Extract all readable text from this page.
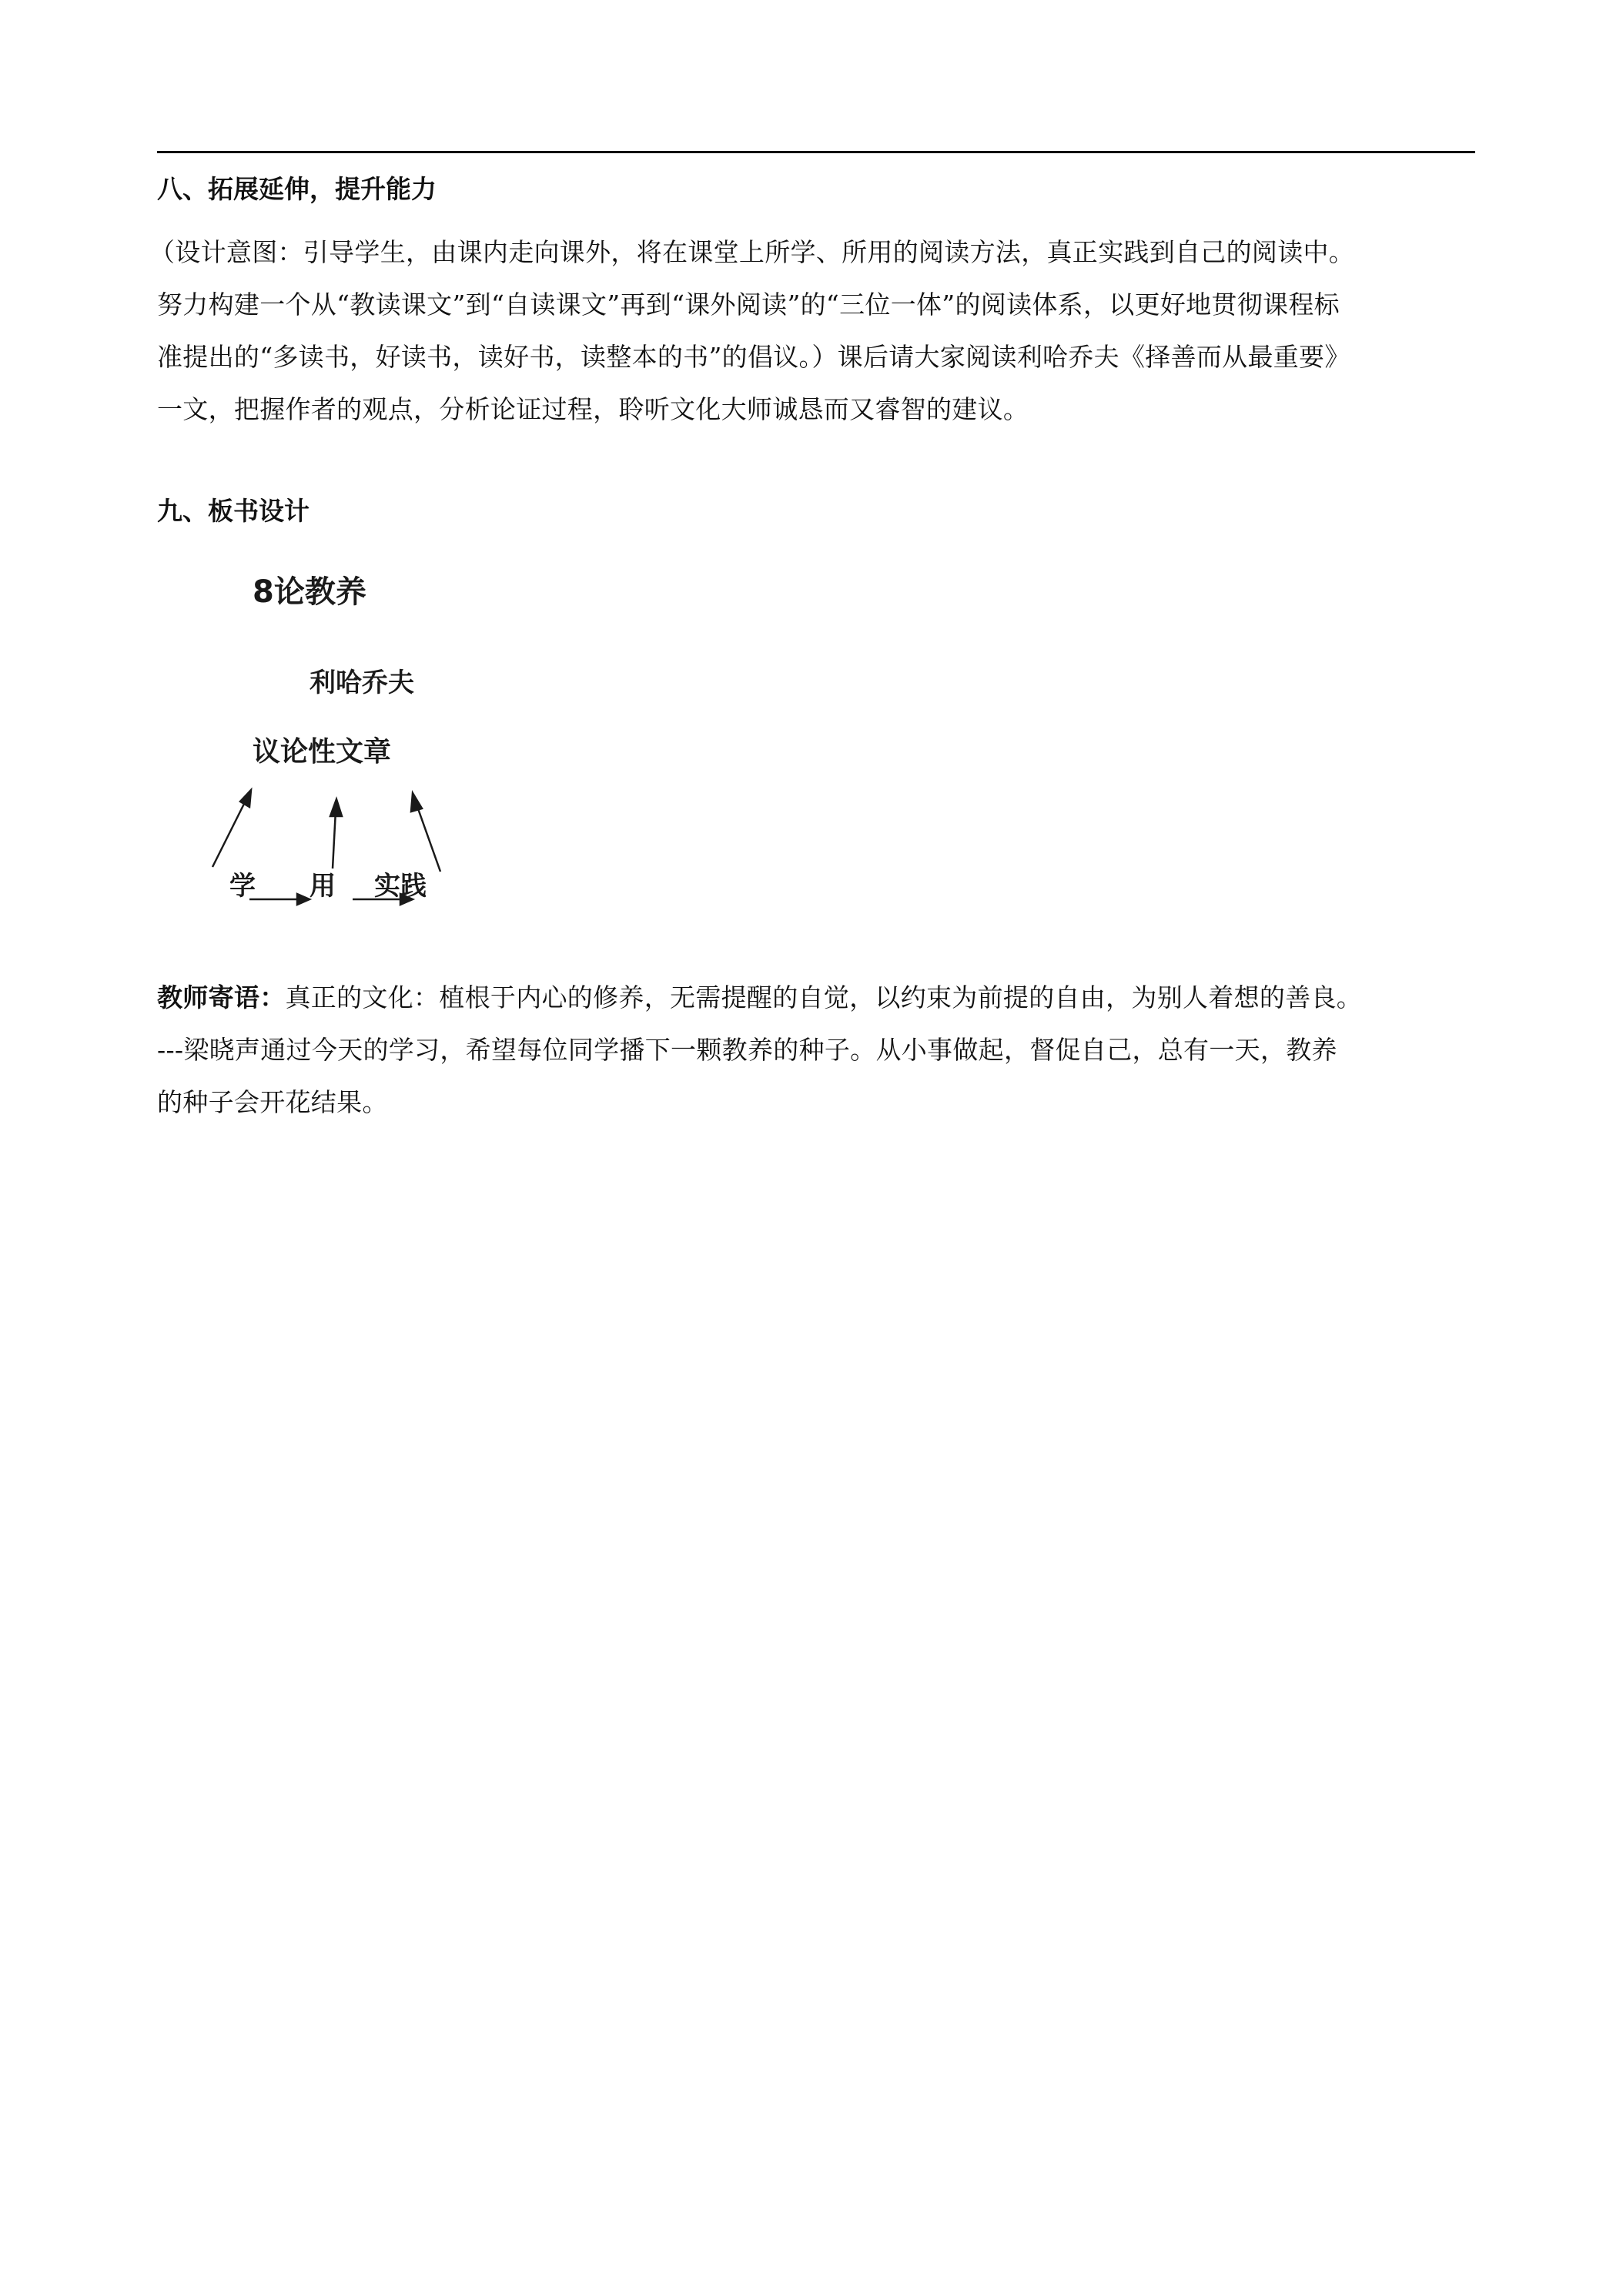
八、拓展延伸，提升能力
（设计意图：引导学生，由课内走向课外，将在课堂上所学、所用的阅读方法，真正实践到自己的阅读中。
努力构建一个从“教读课文”到“自读课文”再到“课外阅读”的“三位一体”的阅读体系，以更好地贯彻课程标
准提出的“多读书，好读书，读好书，读整本的书”的倡议。）课后请大家阅读利哈乔夫《择善而从最重要》
一文，把握作者的观点，分析论证过程，聆听文化大师诚恳而又睿智的建议。
九、板书设计
8论教养
利哈乔夫
议论性文章
学 用 实践
教师寄语：真正的文化：植根于内心的修养，无需提醒的自觉，以约束为前提的自由，为别人着想的善良。
---梁晓声通过今天的学习，希望每位同学播下一颗教养的种子。从小事做起，督促自己，总有一天，教养
的种子会开花结果。
